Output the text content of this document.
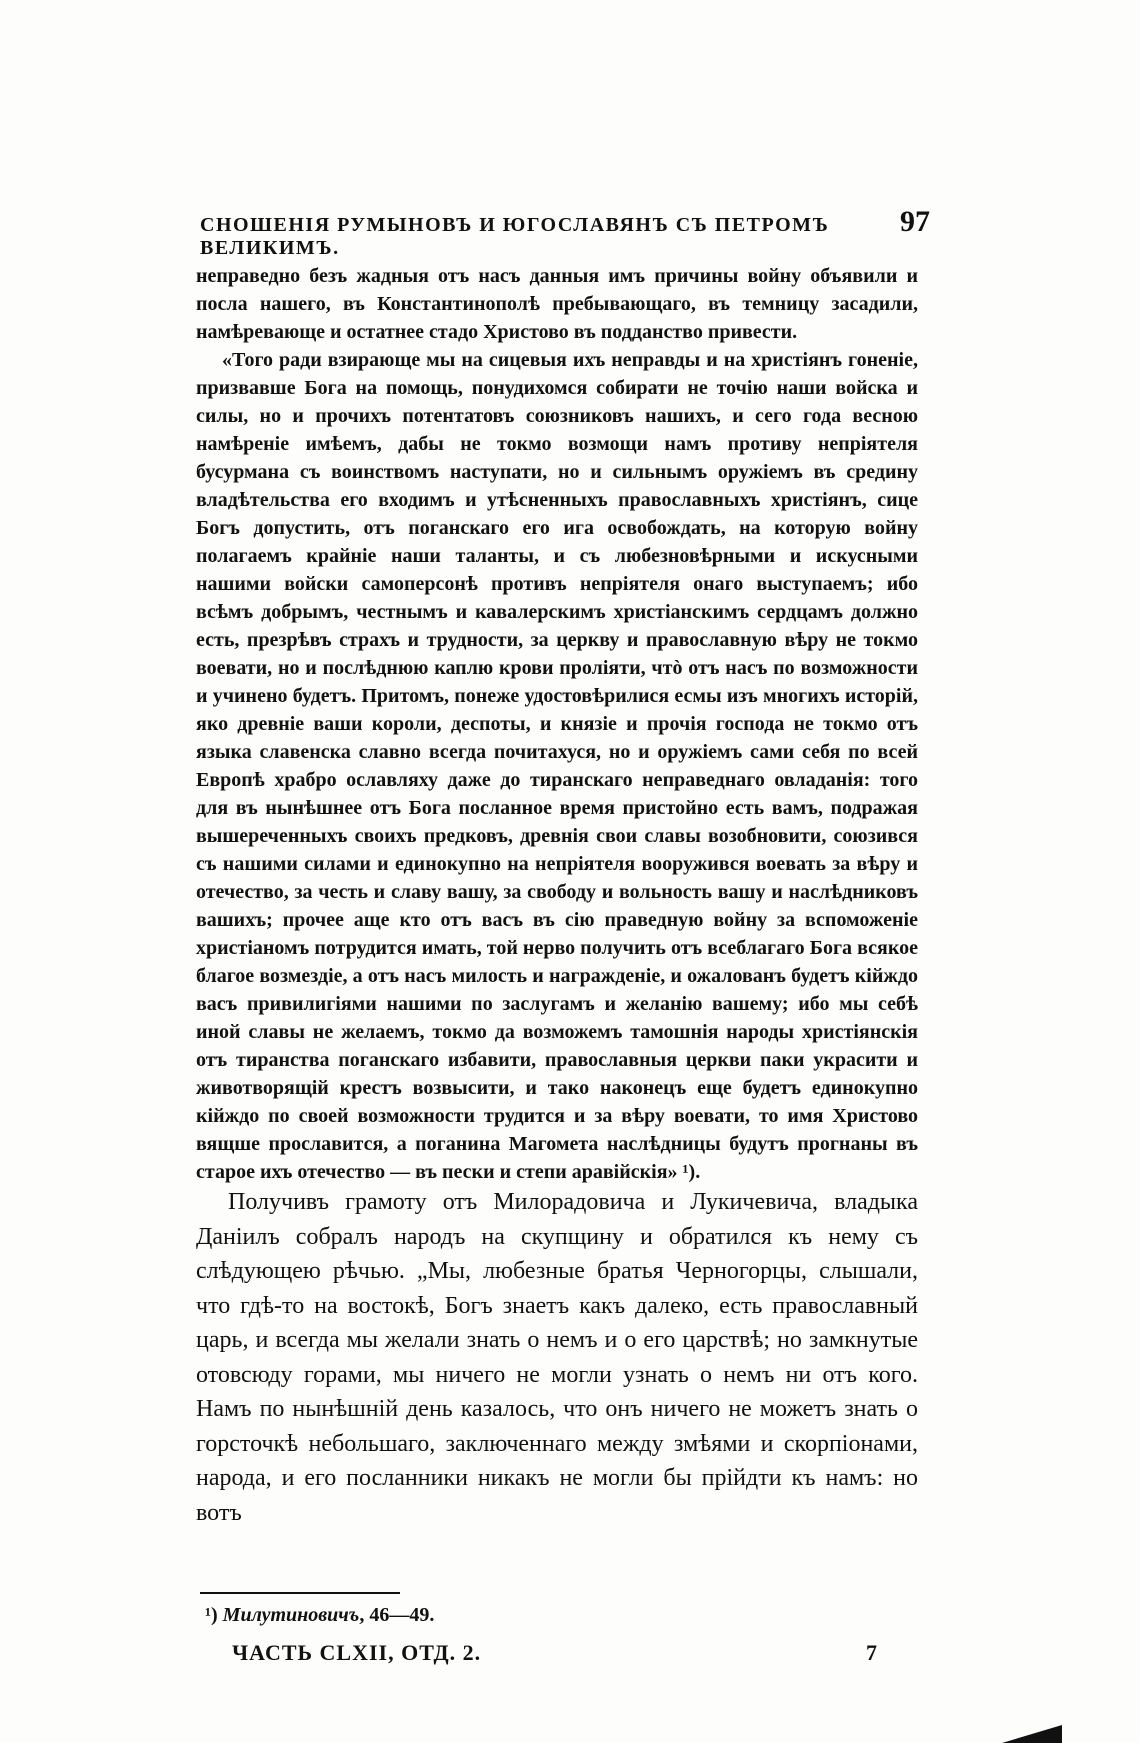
СНОШЕНІЯ РУМЫНОВЪ И ЮГОСЛАВЯНЪ СЪ ПЕТРОМЪ ВЕЛИКИМЪ.
97

неправедно безъ жадныя отъ насъ данныя имъ причины войну объявили и посла нашего, въ Константинополѣ пребывающаго, въ темницу засадили, намѣревающе и остатнее стадо Христово въ подданство привести.

«Того ради взирающе мы на сицевыя ихъ неправды и на христіянъ гоненіе, призвавше Бога на помощь, понудихомся собирати не точію наши войска и силы, но и прочихъ потентатовъ союзниковъ нашихъ, и сего года весною намѣреніе имѣемъ, дабы не токмо возмощи намъ противу непріятеля бусурмана съ воинствомъ наступати, но и сильнымъ оружіемъ въ средину владѣтельства его входимъ и утѣсненныхъ православныхъ христіянъ, сице Богъ допустить, отъ поганскаго его ига освобождать, на которую войну полагаемъ крайніе наши таланты, и съ любезновѣрными и искусными нашими войски самоперсонѣ противъ непріятеля онаго выступаемъ; ибо всѣмъ добрымъ, честнымъ и кавалерскимъ христіанскимъ сердцамъ должно есть, презрѣвъ страхъ и трудности, за церкву и православную вѣру не токмо воевати, но и послѣднюю каплю крови проліяти, чтò отъ насъ по возможности и учинено будетъ. Притомъ, понеже удостовѣрилися есмы изъ многихъ исторій, яко древніе ваши короли, деспоты, и князіе и прочія господа не токмо отъ языка славенска славно всегда почитахуся, но и оружіемъ сами себя по всей Европѣ храбро ославляху даже до тиранскаго неправеднаго овладанія: того для въ нынѣшнее отъ Бога посланное время пристойно есть вамъ, подражая вышереченныхъ своихъ предковъ, древнія свои славы возобновити, союзився съ нашими силами и единокупно на непріятеля вооружився воевать за вѣру и отечество, за честь и славу вашу, за свободу и вольность вашу и наслѣдниковъ вашихъ; прочее аще кто отъ васъ въ сію праведную войну за вспоможеніе христіаномъ потрудится имать, той нерво получить отъ всеблагаго Бога всякое благое возмездіе, а отъ насъ милость и награжденіе, и ожалованъ будетъ кійждо васъ привилигіями нашими по заслугамъ и желанію вашему; ибо мы себѣ иной славы не желаемъ, токмо да возможемъ тамошнія народы христіянскія отъ тиранства поганскаго избавити, православныя церкви паки украсити и животворящій крестъ возвысити, и тако наконецъ еще будетъ единокупно кійждо по своей возможности трудится и за вѣру воевати, то имя Христово вящше прославится, а поганина Магомета наслѣдницы будутъ прогнаны въ старое ихъ отечество — въ пески и степи аравійскія» ¹).

Получивъ грамоту отъ Милорадовича и Лукичевича, владыка Даніилъ собралъ народъ на скупщину и обратился къ нему съ слѣдующею рѣчью. „Мы, любезные братья Черногорцы, слышали, что гдѣ-то на востокѣ, Богъ знаетъ какъ далеко, есть православный царь, и всегда мы желали знать о немъ и о его царствѣ; но замкнутые отовсюду горами, мы ничего не могли узнать о немъ ни отъ кого. Намъ по нынѣшній день казалось, что онъ ничего не можетъ знать о горсточкѣ небольшаго, заключеннаго между змѣями и скорпіонами, народа, и его посланники никакъ не могли бы прійдти къ намъ: но вотъ

¹) Милутиновичъ, 46—49.
ЧАСТЬ CLXII, ОТД. 2.	7
